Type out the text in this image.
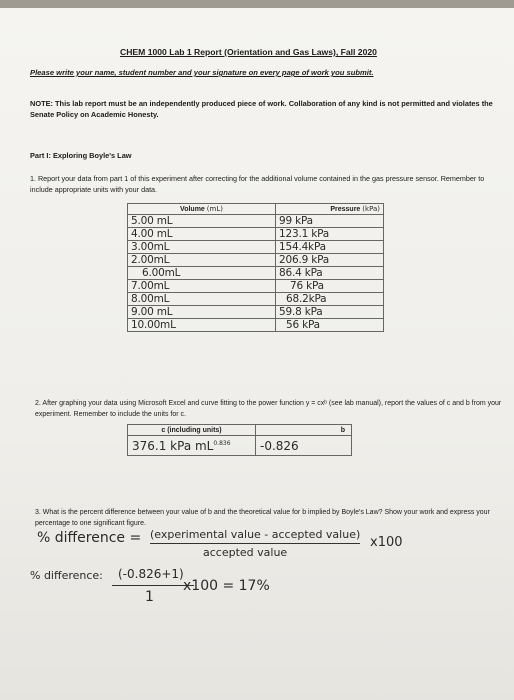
CHEM 1000 Lab 1 Report (Orientation and Gas Laws), Fall 2020
Please write your name, student number and your signature on every page of work you submit.
NOTE: This lab report must be an independently produced piece of work. Collaboration of any kind is not permitted and violates the Senate Policy on Academic Honesty.
Part I: Exploring Boyle's Law
1. Report your data from part 1 of this experiment after correcting for the additional volume contained in the gas pressure sensor. Remember to include appropriate units with your data.
Volume (mL)	Pressure (kPa)
5.00 mL	99 kPa
4.00 mL	123.1 kPa
3.00mL	154.4kPa
2.00mL	206.9 kPa
6.00mL	86.4 kPa
7.00mL	76 kPa
8.00mL	68.2kPa
9.00 mL	59.8 kPa
10.00mL	56 kPa
2. After graphing your data using Microsoft Excel and curve fitting to the power function y = cxᵇ (see lab manual), report the values of c and b from your experiment. Remember to include the units for c.
c (including units)	b
376.1 kPa $mL^{0.836}$	-0.826
3. What is the percent difference between your value of b and the theoretical value for b implied by Boyle's Law? Show your work and express your percentage to one significant figure.
% difference = (experimental value - accepted value)
accepted value
x100
% difference: (-0.826+1)
1
x100 = 17%
